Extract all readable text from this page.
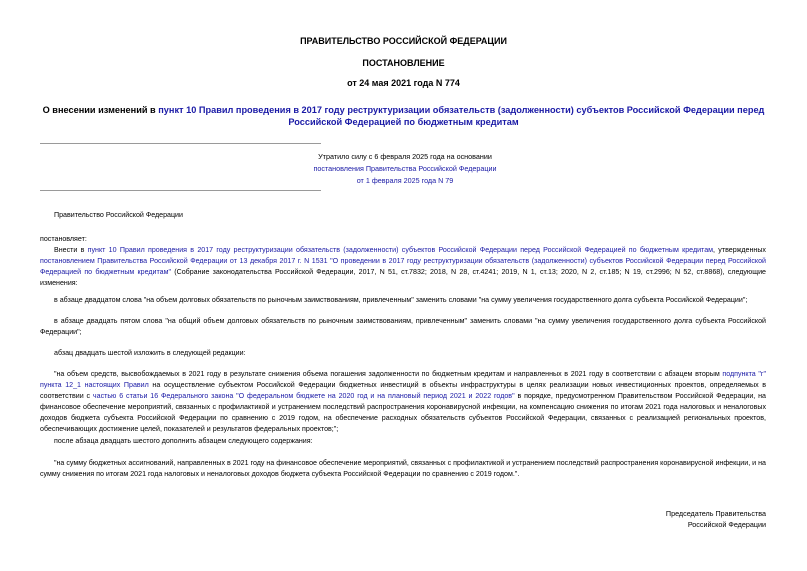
ПРАВИТЕЛЬСТВО РОССИЙСКОЙ ФЕДЕРАЦИИ
ПОСТАНОВЛЕНИЕ
от 24 мая 2021 года N 774
О внесении изменений в пункт 10 Правил проведения в 2017 году реструктуризации обязательств (задолженности) субъектов Российской Федерации перед Российской Федерацией по бюджетным кредитам
Утратило силу с 6 февраля 2025 года на основании
постановления Правительства Российской Федерации
от 1 февраля 2025 года N 79
Правительство Российской Федерации
постановляет:
Внести в пункт 10 Правил проведения в 2017 году реструктуризации обязательств (задолженности) субъектов Российской Федерации перед Российской Федерацией по бюджетным кредитам, утвержденных постановлением Правительства Российской Федерации от 13 декабря 2017 г. N 1531 "О проведении в 2017 году реструктуризации обязательств (задолженности) субъектов Российской Федерации перед Российской Федерацией по бюджетным кредитам" (Собрание законодательства Российской Федерации, 2017, N 51, ст.7832; 2018, N 28, ст.4241; 2019, N 1, ст.13; 2020, N 2, ст.185; N 19, ст.2996; N 52, ст.8868), следующие изменения:
в абзаце двадцатом слова "на объем долговых обязательств по рыночным заимствованиям, привлеченным" заменить словами "на сумму увеличения государственного долга субъекта Российской Федерации";
в абзаце двадцать пятом слова "на общий объем долговых обязательств по рыночным заимствованиям, привлеченным" заменить словами "на сумму увеличения государственного долга субъекта Российской Федерации";
абзац двадцать шестой изложить в следующей редакции:
"на объем средств, высвобождаемых в 2021 году в результате снижения объема погашения задолженности по бюджетным кредитам и направленных в 2021 году в соответствии с абзацем вторым подпункта "г" пункта 12_1 настоящих Правил на осуществление субъектом Российской Федерации бюджетных инвестиций в объекты инфраструктуры в целях реализации новых инвестиционных проектов, определяемых в соответствии с частью 6 статьи 16 Федерального закона "О федеральном бюджете на 2020 год и на плановый период 2021 и 2022 годов" в порядке, предусмотренном Правительством Российской Федерации, на финансовое обеспечение мероприятий, связанных с профилактикой и устранением последствий распространения коронавирусной инфекции, на компенсацию снижения по итогам 2021 года налоговых и неналоговых доходов бюджета субъекта Российской Федерации по сравнению с 2019 годом, на обеспечение расходных обязательств субъектов Российской Федерации, связанных с реализацией региональных проектов, обеспечивающих достижение целей, показателей и результатов федеральных проектов;";
после абзаца двадцать шестого дополнить абзацем следующего содержания:
"на сумму бюджетных ассигнований, направленных в 2021 году на финансовое обеспечение мероприятий, связанных с профилактикой и устранением последствий распространения коронавирусной инфекции, и на сумму снижения по итогам 2021 года налоговых и неналоговых доходов бюджета субъекта Российской Федерации по сравнению с 2019 годом.".
Председатель Правительства
Российской Федерации
